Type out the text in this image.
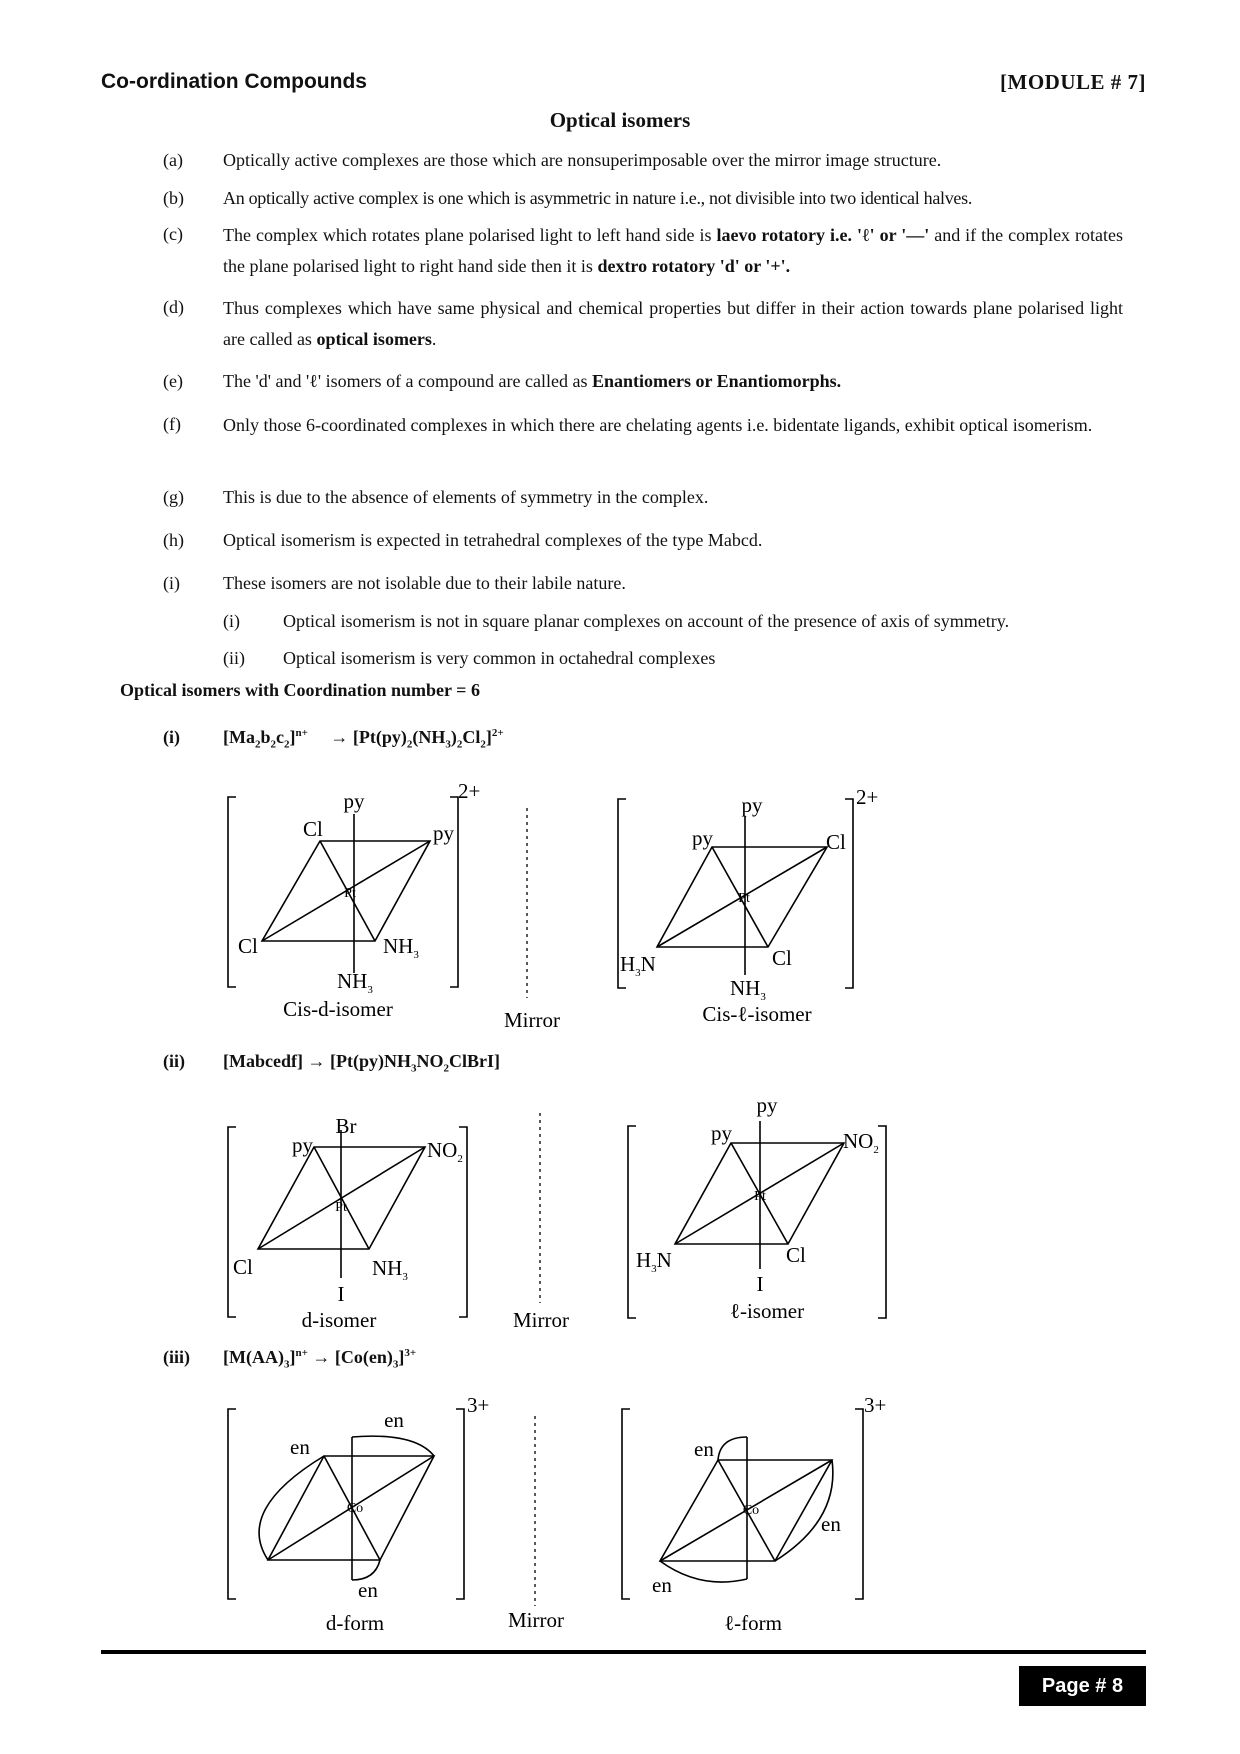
Co-ordination Compounds	[MODULE # 7]
Optical isomers
(a) Optically active complexes are those which are nonsuperimposable over the mirror image structure.
(b) An optically active complex is one which is asymmetric in nature i.e., not divisible into two identical halves.
(c) The complex which rotates plane polarised light to left hand side is laevo rotatory i.e. 'ℓ' or '—' and if the complex rotates the plane polarised light to right hand side then it is dextro rotatory 'd' or '+'.
(d) Thus complexes which have same physical and chemical properties but differ in their action towards plane polarised light are called as optical isomers.
(e) The 'd' and 'ℓ' isomers of a compound are called as Enantiomers or Enantiomorphs.
(f) Only those 6-coordinated complexes in which there are chelating agents i.e. bidentate ligands, exhibit optical isomerism.
(g) This is due to the absence of elements of symmetry in the complex.
(h) Optical isomerism is expected in tetrahedral complexes of the type Mabcd.
(i) These isomers are not isolable due to their labile nature.
(i) Optical isomerism is not in square planar complexes on account of the presence of axis of symmetry.
(ii) Optical isomerism is very common in octahedral complexes
Optical isomers with Coordination number = 6
(i) $[Ma_2b_2c_2]^{n+} \to [Pt(py)_2(NH_3)_2Cl_2]^{2+}$
(ii) [Mabcedf] → $[Pt(py)NH_3NO_2ClBrI]$
(iii) $[M(AA)_3]^{n+} \to [Co(en)_3]^{3+}$
py
Cl	py
Pt
Cl	$NH_3$
$NH_3$
2+
Cis-d-isomer	Mirror
py
py	Cl
Pt
$H_3N$	Cl
$NH_3$
2+
Cis-ℓ-isomer
Br
py	$NO_2$
Pt
Cl	$NH_3$
I
d-isomer	Mirror
py
py	$NO_2$
Pt
$H_3N$	Cl
I
ℓ-isomer
en
en
Co
en
3+
d-form	Mirror
en
Co
en
en
3+
ℓ-form
Page # 8
